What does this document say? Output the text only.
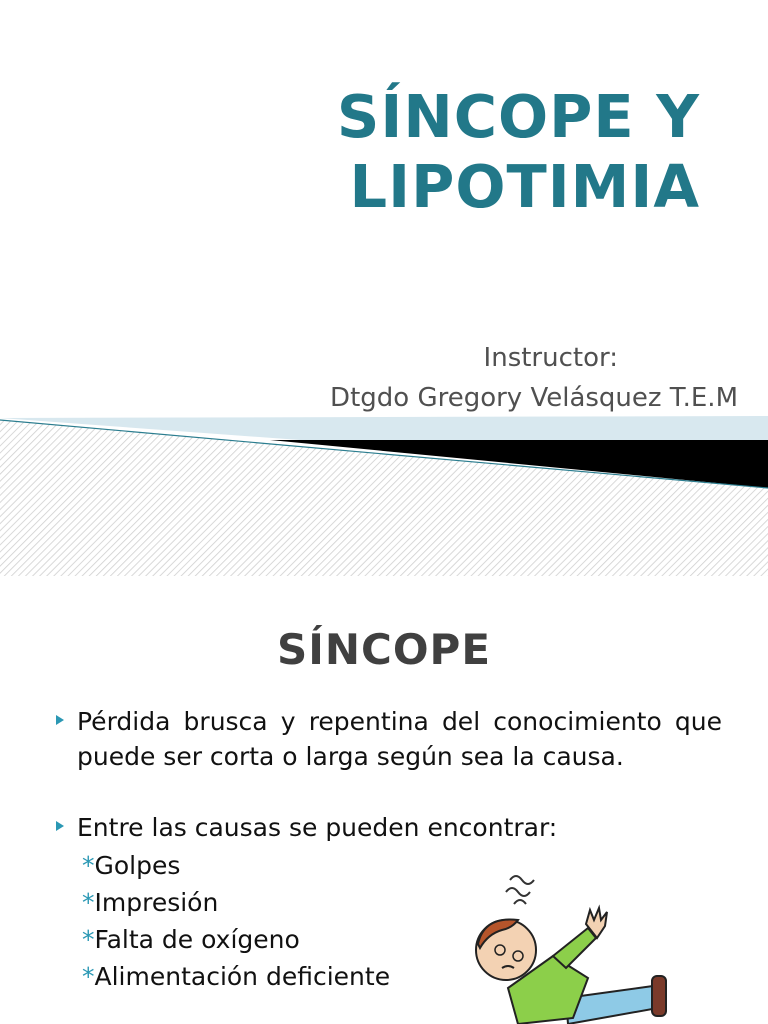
SÍNCOPE Y
LIPOTIMIA
Instructor:
Dtgdo Gregory Velásquez T.E.M
SÍNCOPE
Pérdida brusca y repentina del conocimiento que puede ser corta o larga según sea la causa.
Entre las causas se pueden encontrar:
*Golpes
*Impresión
*Falta de oxígeno
*Alimentación deficiente
